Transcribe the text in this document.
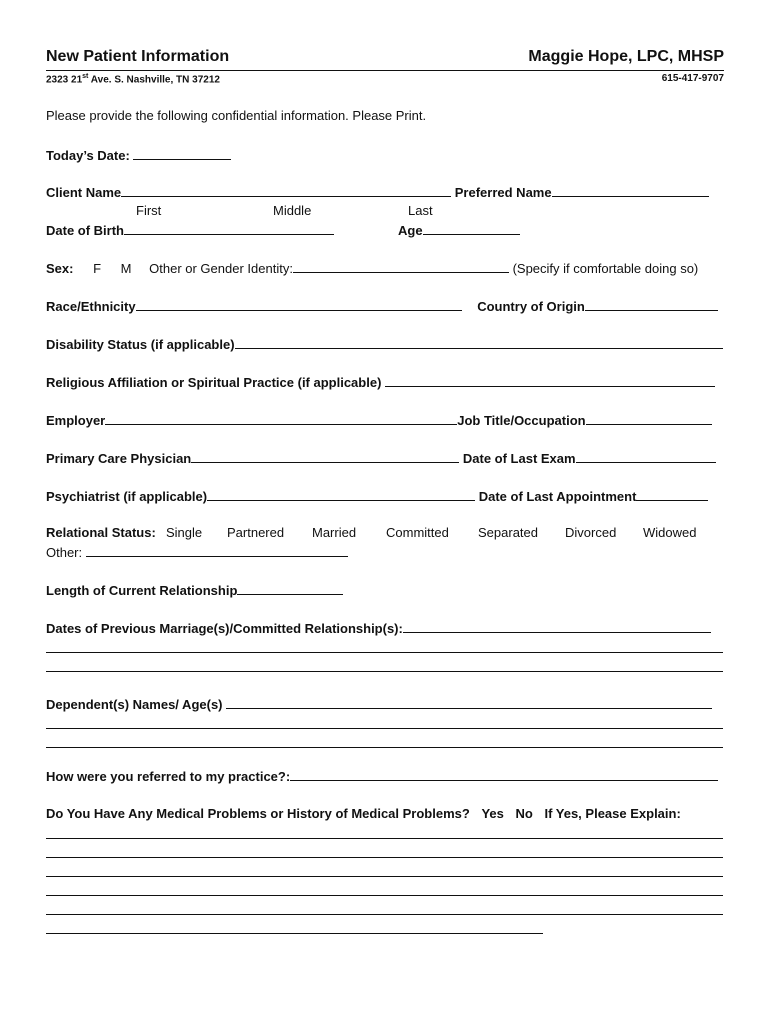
New Patient Information	Maggie Hope, LPC, MHSP
2323 21st Ave. S. Nashville, TN 37212	615-417-9707
Please provide the following confidential information. Please Print.
Today’s Date:
Client Name	Preferred Name
First	Middle	Last
Date of Birth	Age
Sex: F M Other or Gender Identity:	(Specify if comfortable doing so)
Race/Ethnicity	Country of Origin
Disability Status (if applicable)
Religious Affiliation or Spiritual Practice (if applicable)
Employer	Job Title/Occupation
Primary Care Physician	Date of Last Exam
Psychiatrist (if applicable)	Date of Last Appointment
Relational Status: Single Partnered Married Committed Separated Divorced Widowed
Other:
Length of Current Relationship
Dates of Previous Marriage(s)/Committed Relationship(s):
Dependent(s) Names/ Age(s)
How were you referred to my practice?:
Do You Have Any Medical Problems or History of Medical Problems? Yes No If Yes, Please Explain:
